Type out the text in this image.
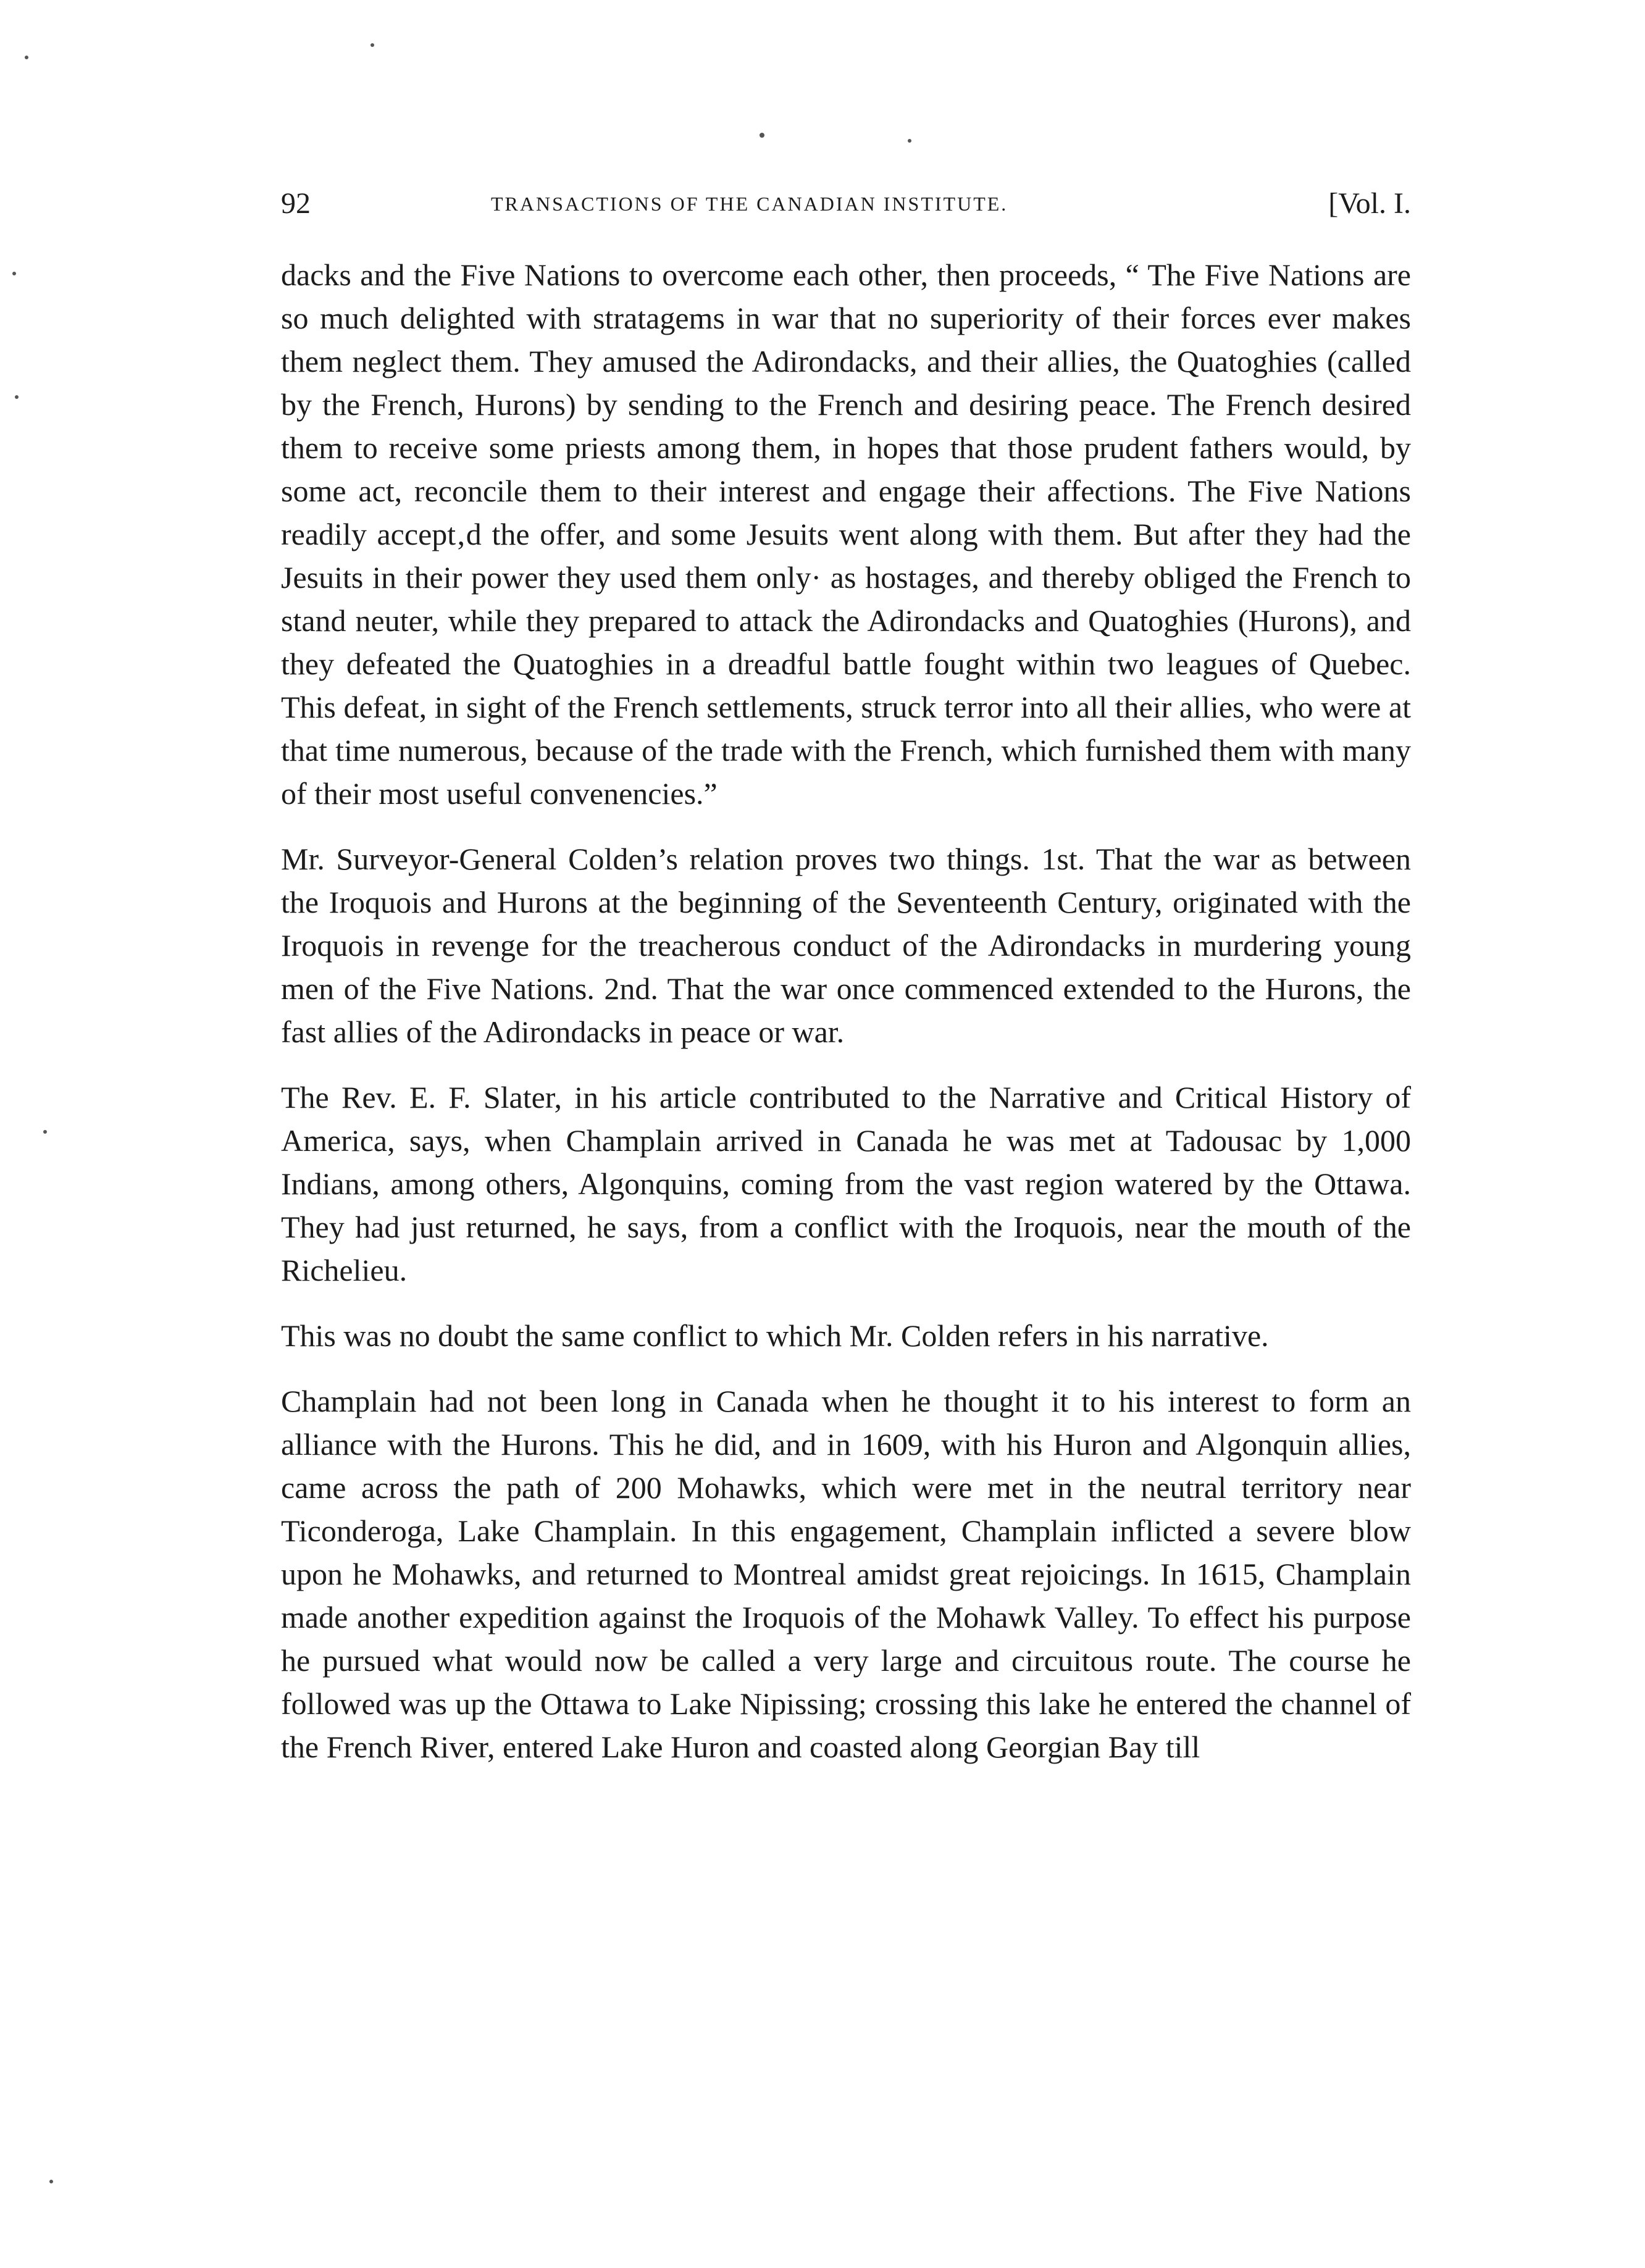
92	TRANSACTIONS OF THE CANADIAN INSTITUTE.	[Vol. I.

dacks and the Five Nations to overcome each other, then proceeds, “ The Five Nations are so much delighted with stratagems in war that no superiority of their forces ever makes them neglect them. They amused the Adirondacks, and their allies, the Quatoghies (called by the French, Hurons) by sending to the French and desiring peace. The French desired them to receive some priests among them, in hopes that those prudent fathers would, by some act, reconcile them to their interest and engage their affections. The Five Nations readily accept‚d the offer, and some Jesuits went along with them. But after they had the Jesuits in their power they used them only· as hostages, and thereby obliged the French to stand neuter, while they prepared to attack the Adirondacks and Quatoghies (Hurons), and they defeated the Quatoghies in a dreadful battle fought within two leagues of Quebec. This defeat, in sight of the French settlements, struck terror into all their allies, who were at that time numerous, because of the trade with the French, which furnished them with many of their most useful convenencies.”

Mr. Surveyor-General Colden’s relation proves two things. 1st. That the war as between the Iroquois and Hurons at the beginning of the Seventeenth Century, originated with the Iroquois in revenge for the treacherous conduct of the Adirondacks in murdering young men of the Five Nations. 2nd. That the war once commenced extended to the Hurons, the fast allies of the Adirondacks in peace or war.

The Rev. E. F. Slater, in his article contributed to the Narrative and Critical History of America, says, when Champlain arrived in Canada he was met at Tadousac by 1,000 Indians, among others, Algonquins, coming from the vast region watered by the Ottawa. They had just returned, he says, from a conflict with the Iroquois, near the mouth of the Richelieu.

This was no doubt the same conflict to which Mr. Colden refers in his narrative.

Champlain had not been long in Canada when he thought it to his interest to form an alliance with the Hurons. This he did, and in 1609, with his Huron and Algonquin allies, came across the path of 200 Mohawks, which were met in the neutral territory near Ticonderoga, Lake Champlain. In this engagement, Champlain inflicted a severe blow upon he Mohawks, and returned to Montreal amidst great rejoicings. In 1615, Champlain made another expedition against the Iroquois of the Mohawk Valley. To effect his purpose he pursued what would now be called a very large and circuitous route. The course he followed was up the Ottawa to Lake Nipissing; crossing this lake he entered the channel of the French River, entered Lake Huron and coasted along Georgian Bay till
